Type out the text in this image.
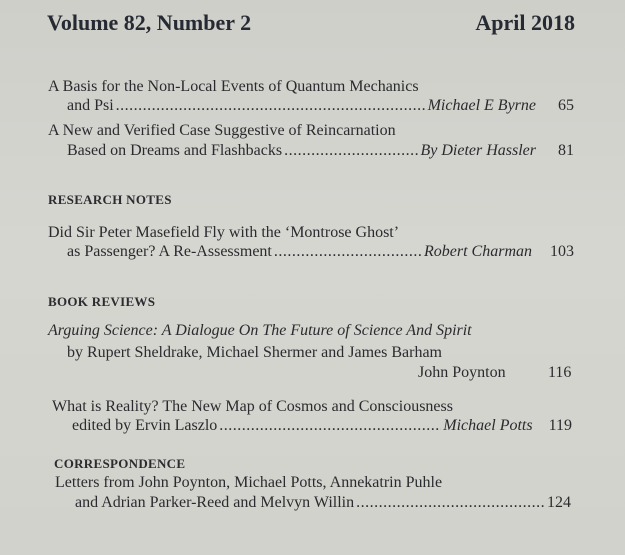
Volume 82, Number 2	April 2018
A Basis for the Non-Local Events of Quantum Mechanics
and Psi .....	Michael E Byrne 65
A New and Verified Case Suggestive of Reincarnation
Based on Dreams and Flashbacks .....	By Dieter Hassler 81
RESEARCH NOTES
Did Sir Peter Masefield Fly with the ‘Montrose Ghost’
as Passenger? A Re-Assessment .....	Robert Charman 103
BOOK REVIEWS
Arguing Science: A Dialogue On The Future of Science And Spirit
by Rupert Sheldrake, Michael Shermer and James Barham
John Poynton	116
What is Reality? The New Map of Cosmos and Consciousness
edited by Ervin Laszlo .....	Michael Potts 119
CORRESPONDENCE
Letters from John Poynton, Michael Potts, Annekatrin Puhle
and Adrian Parker-Reed and Melvyn Willin .....	124
